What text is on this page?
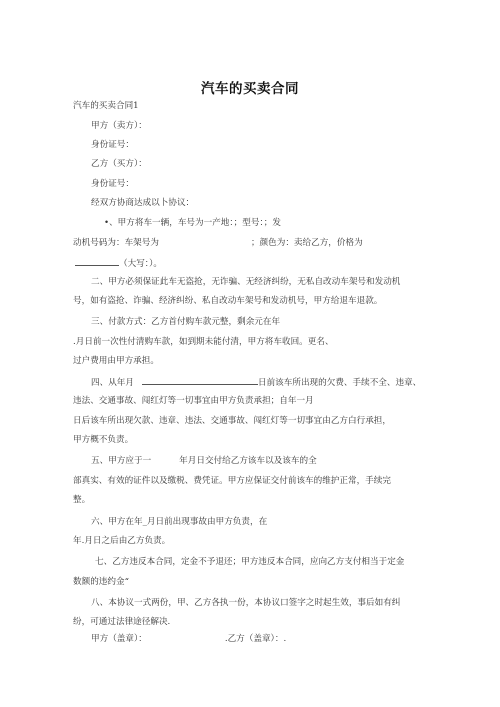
汽车的买卖合同
汽车的买卖合同1
甲方（卖方）：
身份证号：
乙方（买方）：
身份证号：
经双方协商达成以卜协议：
•、甲方将车一辆，车号为一产地：；型号：；发
动机号码为：车架号为	；颜色为：卖给乙方，价格为
（大写：）。
二、甲方必须保证此车无盗抢，无诈骗、无经济纠纷，无私自改动车架号和发动机
号，如有盗抢、诈骗、经济纠纷、私自改动车架号和发动机号，甲方给退车退款。
三、付款方式：乙方首付购车款元整，剩余元在年
.月日前一次性付清购车款，如到期未能付清，甲方将车收回。更名、
过户费用由甲方承担。
四、从年月	日前该车所出现的欠费、手续不全、违章、
违法、交通事故、闯红灯等一切事宜由甲方负责承担；自年一月
日后该车所出现欠款、违章、违法、交通事故、闯红灯等一切事宜由乙方白行承担，
甲方概不负责。
五、甲方应于一	年月日交付给乙方该车以及该车的全
部真实、有效的证件以及缴税、费凭证。甲方应保证交付前该车的维护正常，手续完
整。
六、甲方在年_月日前出现事故由甲方负责，在
年.月日之后由乙方负责。
七、乙方违反本合同，定金不予退还；甲方违反本合同，应向乙方支付相当于定金
数额的违约金“
八、本协议一式两份，甲、乙方各执一份，本协议口签字之时起生效，事后如有纠
纷，可通过法律途径解决.
甲方（盖章）：	.乙方（盖章）：.
